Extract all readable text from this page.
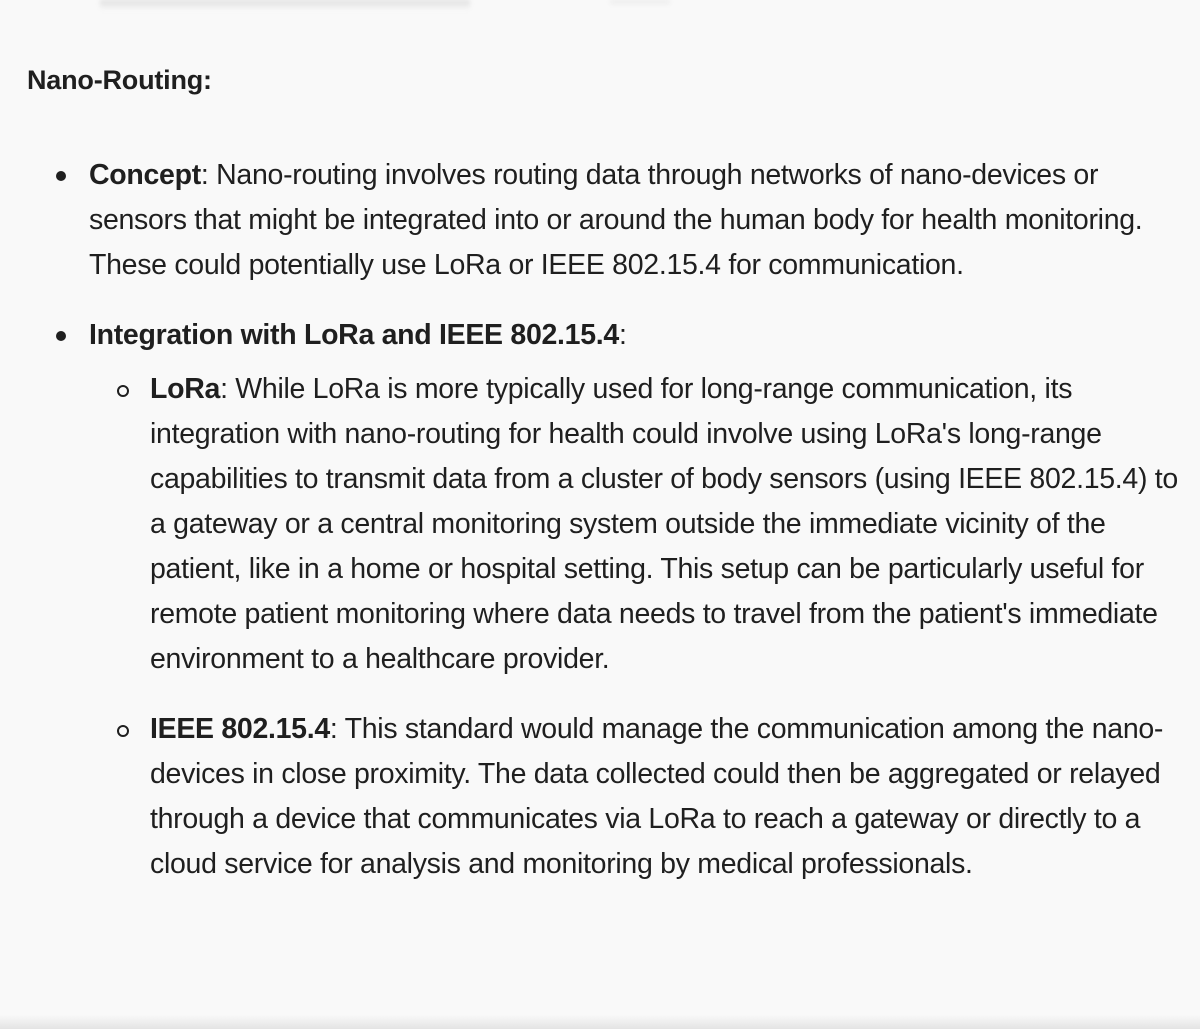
Nano-Routing:
Concept: Nano-routing involves routing data through networks of nano-devices or sensors that might be integrated into or around the human body for health monitoring. These could potentially use LoRa or IEEE 802.15.4 for communication.
Integration with LoRa and IEEE 802.15.4:
LoRa: While LoRa is more typically used for long-range communication, its integration with nano-routing for health could involve using LoRa's long-range capabilities to transmit data from a cluster of body sensors (using IEEE 802.15.4) to a gateway or a central monitoring system outside the immediate vicinity of the patient, like in a home or hospital setting. This setup can be particularly useful for remote patient monitoring where data needs to travel from the patient's immediate environment to a healthcare provider.
IEEE 802.15.4: This standard would manage the communication among the nano-devices in close proximity. The data collected could then be aggregated or relayed through a device that communicates via LoRa to reach a gateway or directly to a cloud service for analysis and monitoring by medical professionals.
